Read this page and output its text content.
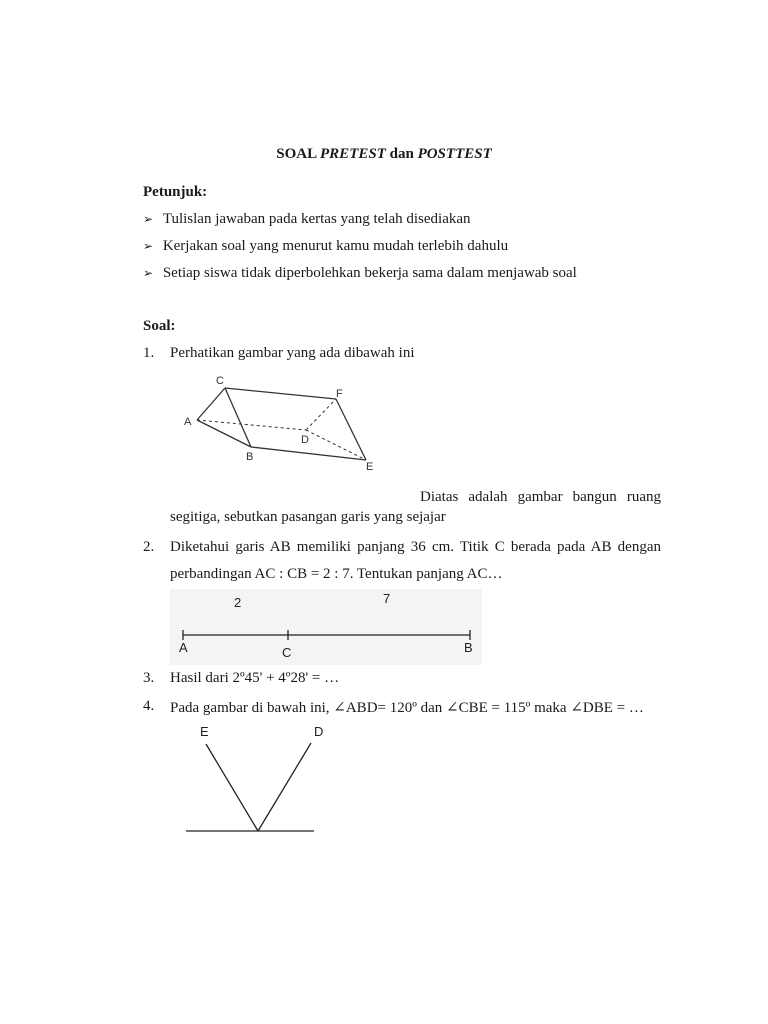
SOAL PRETEST dan POSTTEST
Petunjuk:
➢ Tulislan jawaban pada kertas yang telah disediakan
➢ Kerjakan soal yang menurut kamu mudah terlebih dahulu
➢ Setiap siswa tidak diperbolehkan bekerja sama dalam menjawab soal
Soal:
1. Perhatikan gambar yang ada dibawah ini
C
A
B
F
D
E
Diatas adalah gambar bangun ruang
segitiga, sebutkan pasangan garis yang sejajar
2. Diketahui garis AB memiliki panjang 36 cm. Titik C berada pada AB dengan
perbandingan AC : CB = 2 : 7. Tentukan panjang AC…
2	7
A	C	B
3. Hasil dari 2º45' + 4º28' = …
4. Pada gambar di bawah ini, ∠ABD= 120º dan ∠CBE = 115º maka ∠DBE = …
E	D
